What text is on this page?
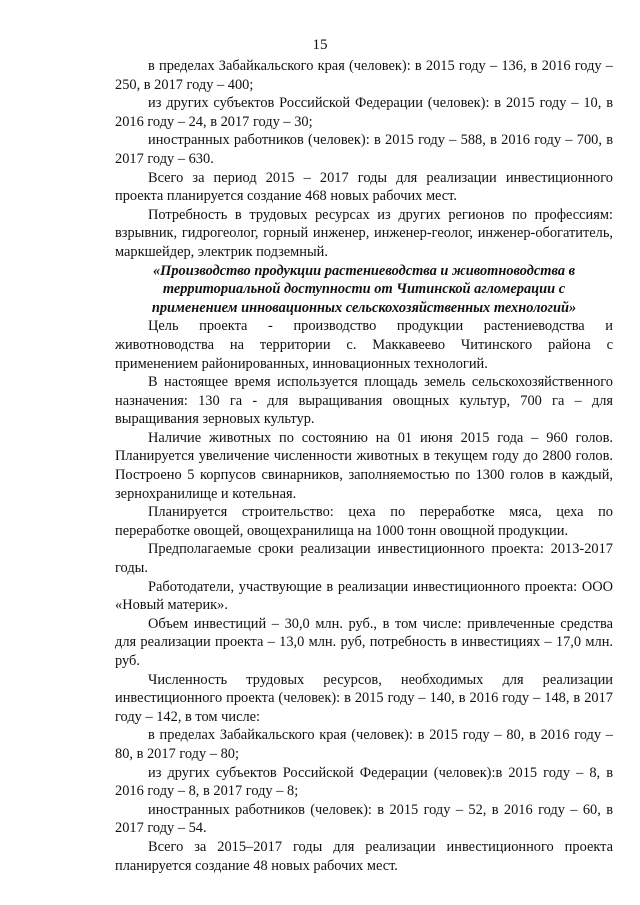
15

в пределах Забайкальского края (человек): в 2015 году – 136, в 2016 году – 250, в 2017 году – 400;

из других субъектов Российской Федерации (человек): в 2015 году – 10, в 2016 году – 24, в 2017 году – 30;

иностранных работников (человек): в 2015 году – 588, в 2016 году – 700, в 2017 году – 630.

Всего за период 2015 – 2017 годы для реализации инвестиционного проекта планируется создание 468 новых рабочих мест.

Потребность в трудовых ресурсах из других регионов по профессиям: взрывник, гидрогеолог, горный инженер, инженер-геолог, инженер-обогатитель, маркшейдер, электрик подземный.

«Производство продукции растениеводства и животноводства в территориальной доступности от Читинской агломерации с применением инновационных сельскохозяйственных технологий»

Цель проекта - производство продукции растениеводства и животноводства на территории с. Маккавеево Читинского района с применением районированных, инновационных технологий.

В настоящее время используется площадь земель сельскохозяйственного назначения: 130 га - для выращивания овощных культур, 700 га – для выращивания зерновых культур.

Наличие животных по состоянию на 01 июня 2015 года – 960 голов. Планируется увеличение численности животных в текущем году до 2800 голов. Построено 5 корпусов свинарников, заполняемостью по 1300 голов в каждый, зернохранилище и котельная.

Планируется строительство: цеха по переработке мяса, цеха по переработке овощей, овощехранилища на 1000 тонн овощной продукции.

Предполагаемые сроки реализации инвестиционного проекта: 2013-2017 годы.

Работодатели, участвующие в реализации инвестиционного проекта: ООО «Новый материк».

Объем инвестиций – 30,0 млн. руб., в том числе: привлеченные средства для реализации проекта – 13,0 млн. руб, потребность в инвестициях – 17,0 млн. руб.

Численность трудовых ресурсов, необходимых для реализации инвестиционного проекта (человек): в 2015 году – 140, в 2016 году – 148, в 2017 году – 142, в том числе:

в пределах Забайкальского края (человек): в 2015 году – 80, в 2016 году – 80, в 2017 году – 80;

из других субъектов Российской Федерации (человек):в 2015 году – 8, в 2016 году – 8, в 2017 году – 8;

иностранных работников (человек): в 2015 году – 52, в 2016 году – 60, в 2017 году – 54.

Всего за 2015–2017 годы для реализации инвестиционного проекта планируется создание 48 новых рабочих мест.
